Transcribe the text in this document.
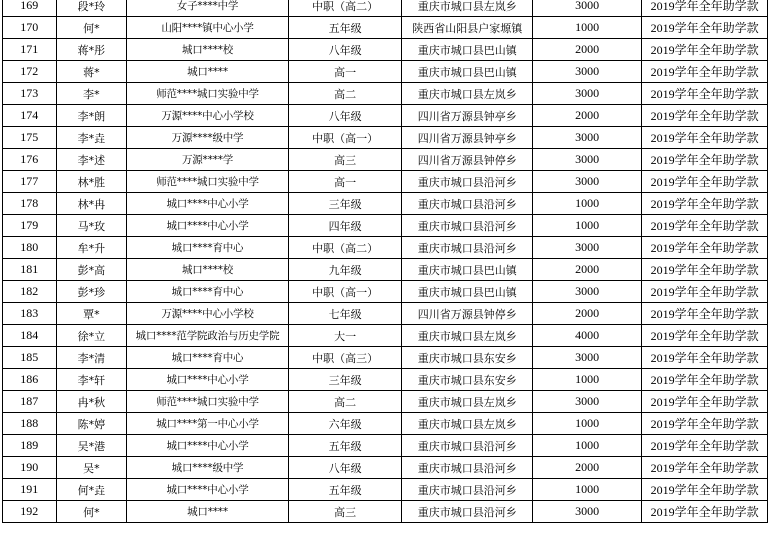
169	段*玲	女子****中学	中职（高二）	重庆市城口县左岚乡	3000	2019学年全年助学款
170	何*	山阳****镇中心小学	五年级	陕西省山阳县户家塬镇	1000	2019学年全年助学款
171	蒋*彤	城口****校	八年级	重庆市城口县巴山镇	2000	2019学年全年助学款
172	蒋*	城口****	高一	重庆市城口县巴山镇	3000	2019学年全年助学款
173	李*	师范****城口实验中学	高二	重庆市城口县左岚乡	3000	2019学年全年助学款
174	李*朗	万源****中心小学校	八年级	四川省万源县钟亭乡	2000	2019学年全年助学款
175	李*垚	万源****级中学	中职（高一）	四川省万源县钟亭乡	3000	2019学年全年助学款
176	李*述	万源****学	高三	四川省万源县钟停乡	3000	2019学年全年助学款
177	林*胜	师范****城口实验中学	高一	重庆市城口县沿河乡	3000	2019学年全年助学款
178	林*冉	城口****中心小学	三年级	重庆市城口县沿河乡	1000	2019学年全年助学款
179	马*玫	城口****中心小学	四年级	重庆市城口县沿河乡	1000	2019学年全年助学款
180	牟*升	城口****育中心	中职（高二）	重庆市城口县沿河乡	3000	2019学年全年助学款
181	彭*高	城口****校	九年级	重庆市城口县巴山镇	2000	2019学年全年助学款
182	彭*珍	城口****育中心	中职（高一）	重庆市城口县巴山镇	3000	2019学年全年助学款
183	覃*	万源****中心小学校	七年级	四川省万源县钟停乡	2000	2019学年全年助学款
184	徐*立	城口****范学院政治与历史学院	大一	重庆市城口县左岚乡	4000	2019学年全年助学款
185	李*清	城口****育中心	中职（高三）	重庆市城口县东安乡	3000	2019学年全年助学款
186	李*轩	城口****中心小学	三年级	重庆市城口县东安乡	1000	2019学年全年助学款
187	冉*秋	师范****城口实验中学	高二	重庆市城口县左岚乡	3000	2019学年全年助学款
188	陈*婷	城口****第一中心小学	六年级	重庆市城口县左岚乡	1000	2019学年全年助学款
189	吴*港	城口****中心小学	五年级	重庆市城口县沿河乡	1000	2019学年全年助学款
190	吴*	城口****级中学	八年级	重庆市城口县沿河乡	2000	2019学年全年助学款
191	何*垚	城口****中心小学	五年级	重庆市城口县沿河乡	1000	2019学年全年助学款
192	何*	城口****	高三	重庆市城口县沿河乡	3000	2019学年全年助学款
